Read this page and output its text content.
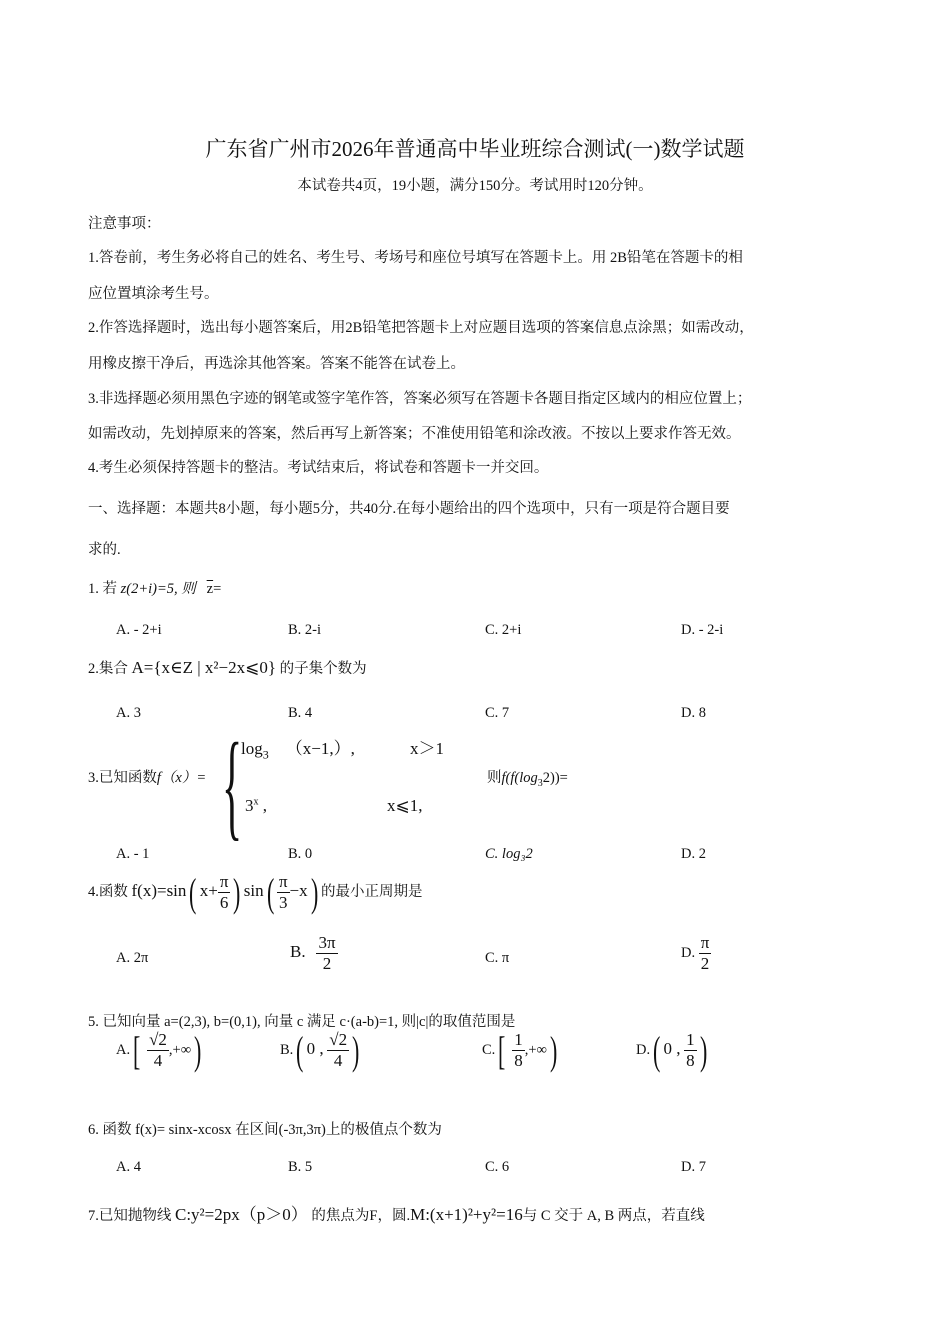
广东省广州市2026年普通高中毕业班综合测试(一)数学试题
本试卷共4页，19小题，满分150分。考试用时120分钟。
注意事项：
1.答卷前，考生务必将自己的姓名、考生号、考场号和座位号填写在答题卡上。用 2B铅笔在答题卡的相
应位置填涂考生号。
2.作答选择题时，选出每小题答案后，用2B铅笔把答题卡上对应题目选项的答案信息点涂黑；如需改动，
用橡皮擦干净后，再选涂其他答案。答案不能答在试卷上。
3.非选择题必须用黑色字迹的钢笔或签字笔作答，答案必须写在答题卡各题目指定区域内的相应位置上；
如需改动，先划掉原来的答案，然后再写上新答案；不准使用铅笔和涂改液。不按以上要求作答无效。
4.考生必须保持答题卡的整洁。考试结束后，将试卷和答题卡一并交回。
一、选择题：本题共8小题，每小题5分，共40分.在每小题给出的四个选项中，只有一项是符合题目要
求的.
1. 若 z(2+i)=5, 则 $\overline{z}=$
A. - 2+i	B. 2-i	C. 2+i	D. - 2-i
2.集合 A={x∈Z | x²−2x⩽0} 的子集个数为
A. 3	B. 4	C. 7	D. 8
3.已知函数f（x）= {
$\log_3 (x-1,)$,	x＞1
3$^x$ ,	x⩽1,
则$f(f(\log_32))=$
A. - 1	B. 0	C. log₃2	D. 2
4.函数 f(x)=sin( $x+ \frac{\pi}{6}$ ) $\sin( \frac{\pi}{3} -x)$ 的最小正周期是
A. 2π	B. $\frac{3\pi}{2}$	C. π	D. $\frac{\pi}{2}$
5. 已知向量 a=(2,3), b=(0,1), 向量 c 满足 c·(a-b)=1, 则|c|的取值范围是
$A.[ \frac{√2}{4}$ ,+∞)	B.( 0 , $\frac{√2}{4}$ )	$C.[ \frac{1}{8}$ ,+∞)	D.( 0 , $\frac{1}{8}$ )
6. 函数 f(x)= sinx-xcosx 在区间(-3π,3π)上的极值点个数为
A. 4	B. 5	C. 6	D. 7
7.已知抛物线 C:y²=2px（p＞0） 的焦点为F，圆.M:(x+1)²+y²=16与 C 交于 A, B 两点，若直线
